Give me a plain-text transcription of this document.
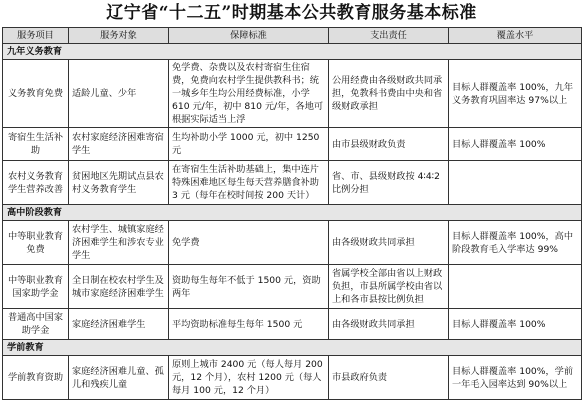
辽宁省“十二五”时期基本公共教育服务基本标准
服务项目	服务对象	保障标准	支出责任	覆盖水平
九年义务教育				
义务教育免费	适龄儿童、少年	免学费、杂费以及农村寄宿生住宿费，免费向农村学生提供教科书；统一城乡年生均公用经费标准，小学 610 元/年，初中 810 元/年，各地可根据实际适当上浮	公用经费由各级财政共同承担，免教科书费由中央和省级财政承担	目标人群覆盖率 100%，九年义务教育巩固率达 97%以上
寄宿生生活补助	农村家庭经济困难寄宿学生	生均补助小学 1000 元，初中 1250 元	由市县级财政负责	目标人群覆盖率 100%
农村义务教育学生营养改善	贫困地区先期试点县农村义务教育学生	在寄宿生生活补助基础上，集中连片特殊困难地区每生每天营养膳食补助 3 元（每年在校时间按 200 天计）	省、市、县级财政按 4∶4∶2 比例分担	
高中阶段教育				
中等职业教育免费	农村学生、城镇家庭经济困难学生和涉农专业学生	免学费	由各级财政共同承担	目标人群覆盖率 100%，高中阶段教育毛入学率达 99%
中等职业教育国家助学金	全日制在校农村学生及城市家庭经济困难学生	资助每生每年不低于 1500 元，资助两年	省属学校全部由省以上财政负担，市县所属学校由省以上和各市县按比例负担	
普通高中国家助学金	家庭经济困难学生	平均资助标准每生每年 1500 元	由各级财政共同承担	目标人群覆盖率 100%
学前教育				
学前教育资助	家庭经济困难儿童、孤儿和残疾儿童	原则上城市 2400 元（每人每月 200 元，12 个月），农村 1200 元（每人每月 100 元，12 个月）	市县政府负责	目标人群覆盖率 100%，学前一年毛入园率达到 90%以上
